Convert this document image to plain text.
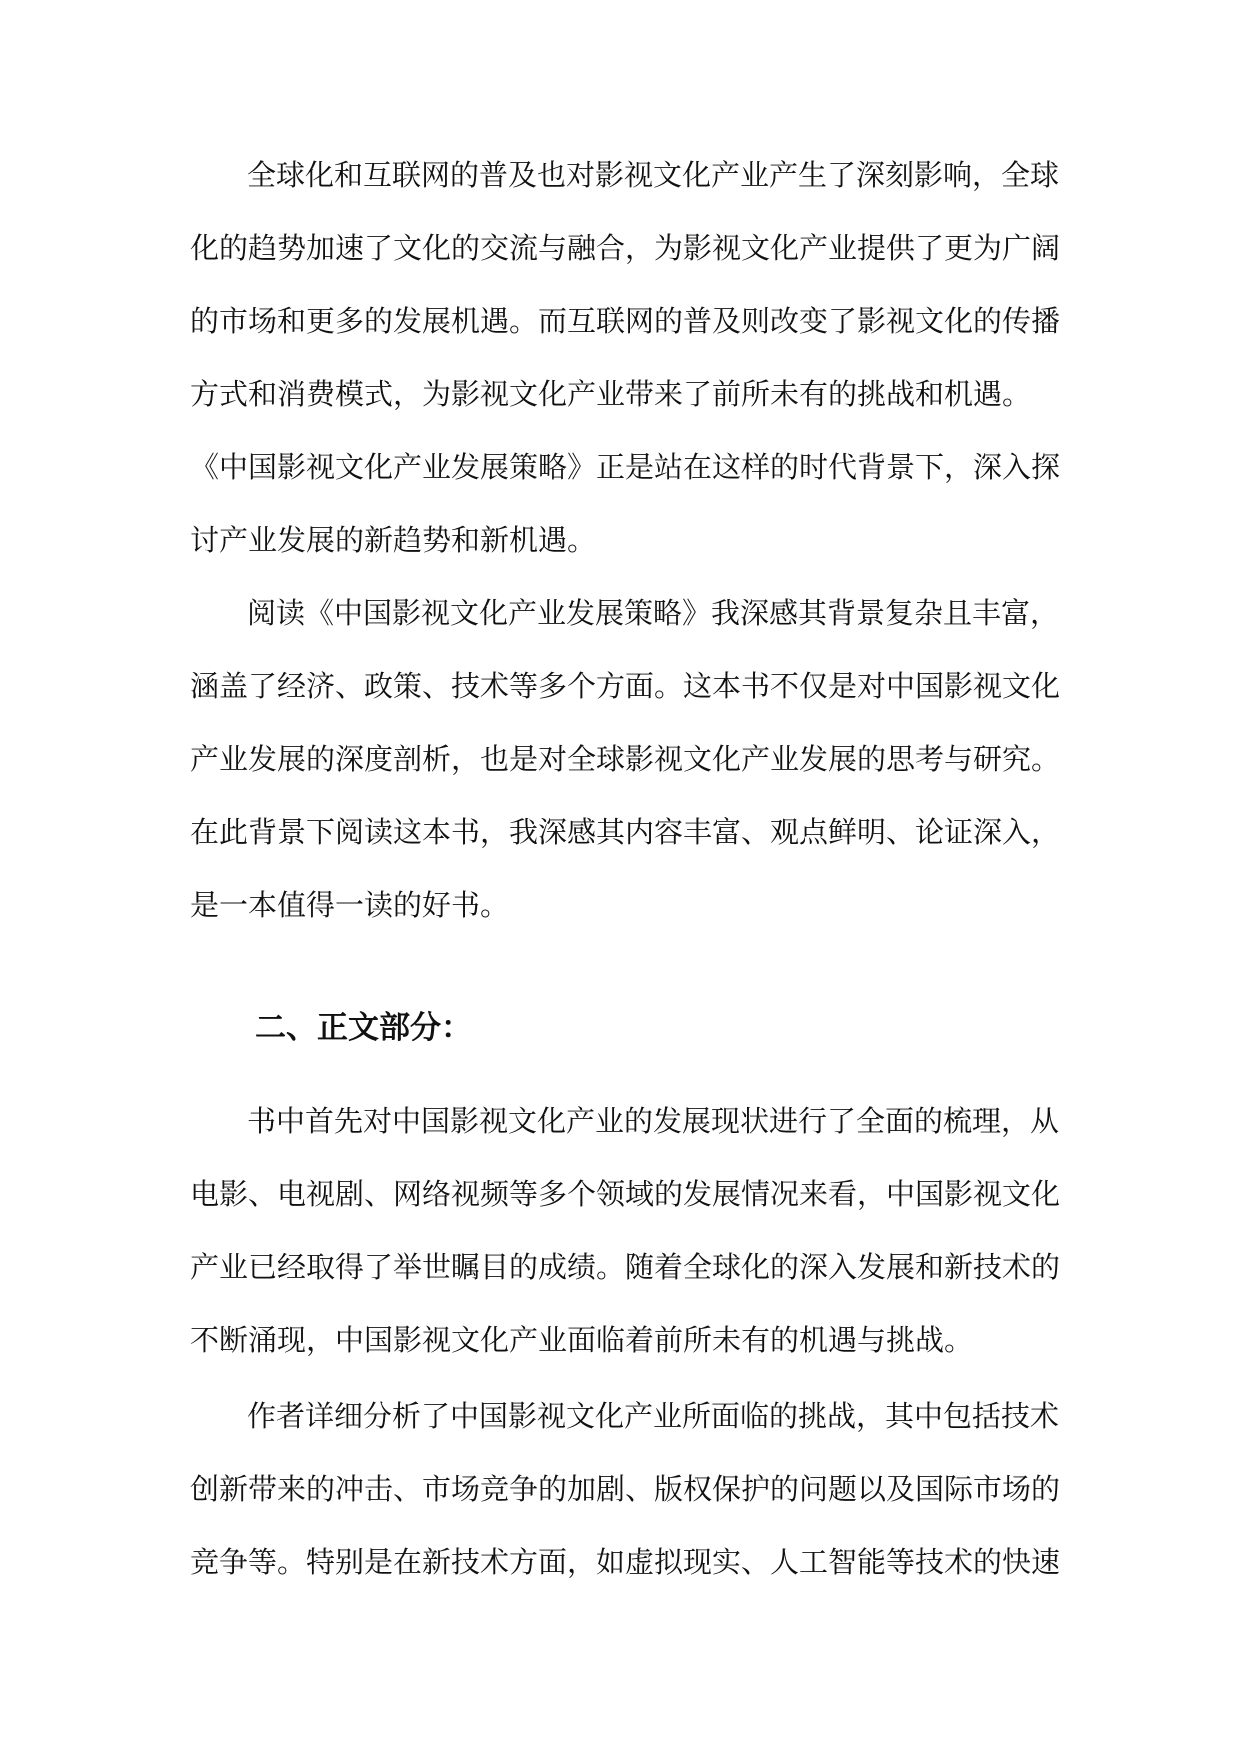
全球化和互联网的普及也对影视文化产业产生了深刻影响，全球
化的趋势加速了文化的交流与融合，为影视文化产业提供了更为广阔
的市场和更多的发展机遇。而互联网的普及则改变了影视文化的传播
方式和消费模式，为影视文化产业带来了前所未有的挑战和机遇。
《中国影视文化产业发展策略》正是站在这样的时代背景下，深入探
讨产业发展的新趋势和新机遇。
阅读《中国影视文化产业发展策略》我深感其背景复杂且丰富，
涵盖了经济、政策、技术等多个方面。这本书不仅是对中国影视文化
产业发展的深度剖析，也是对全球影视文化产业发展的思考与研究。
在此背景下阅读这本书，我深感其内容丰富、观点鲜明、论证深入，
是一本值得一读的好书。
二、正文部分：
书中首先对中国影视文化产业的发展现状进行了全面的梳理，从
电影、电视剧、网络视频等多个领域的发展情况来看，中国影视文化
产业已经取得了举世瞩目的成绩。随着全球化的深入发展和新技术的
不断涌现，中国影视文化产业面临着前所未有的机遇与挑战。
作者详细分析了中国影视文化产业所面临的挑战，其中包括技术
创新带来的冲击、市场竞争的加剧、版权保护的问题以及国际市场的
竞争等。特别是在新技术方面，如虚拟现实、人工智能等技术的快速
